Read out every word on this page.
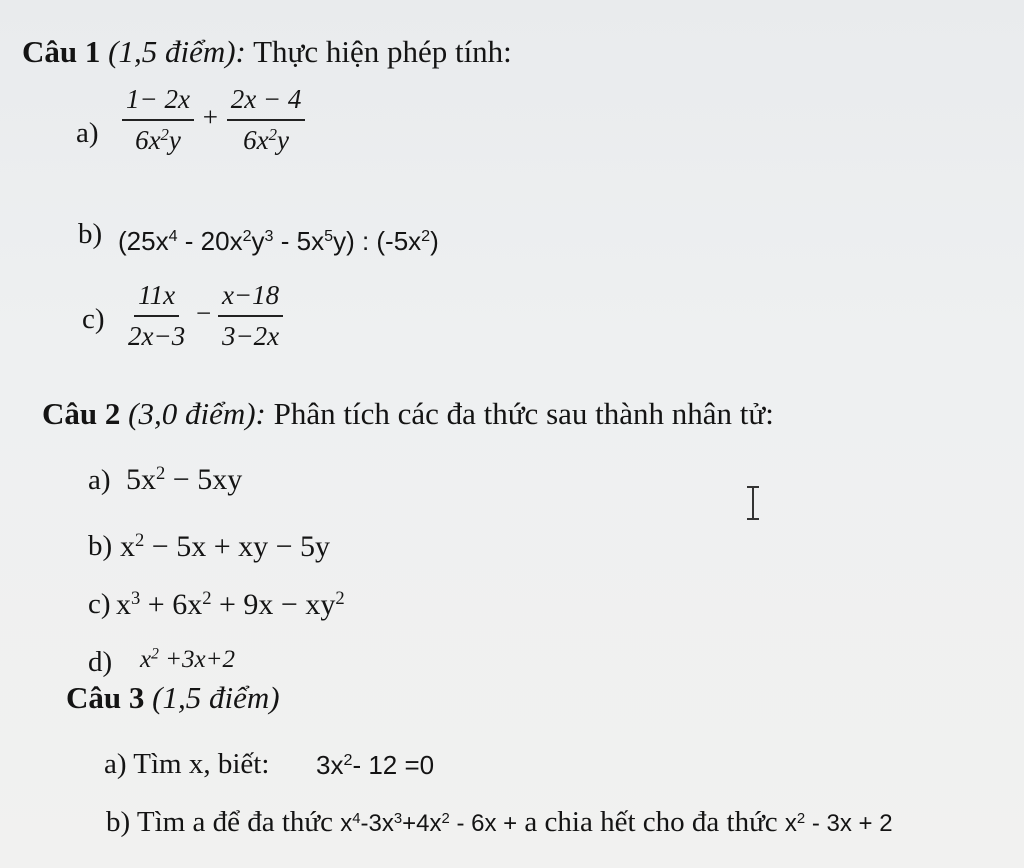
Câu 1 (1,5 điểm): Thực hiện phép tính:
$a) \frac{1- 2x}{6x^2y} + \frac{2x - 4}{6x^2y}$
b) $(25x^4 - 20x^2y^3 - 5x^5y)$ : $(-5x^2)$
$c) \frac{11x}{2x-3} - \frac{x-18}{3-2x}$
Câu 2 (3,0 điểm): Phân tích các đa thức sau thành nhân tử:
a) $5x^2 - 5xy$
b) $x^2 - 5x$ + xy − 5y
c) $x^3 + 6x^2 + 9x - xy^2$
d) $x^2 +3x+2$
Câu 3 (1,5 điểm)
a) Tìm x, biết: $3x^2-$ 12 =0
b) Tìm a để đa thức $x^4-3x^3+4x^2 - 6x + a$ chia hết cho đa thức $x^2 - 3x + 2$
